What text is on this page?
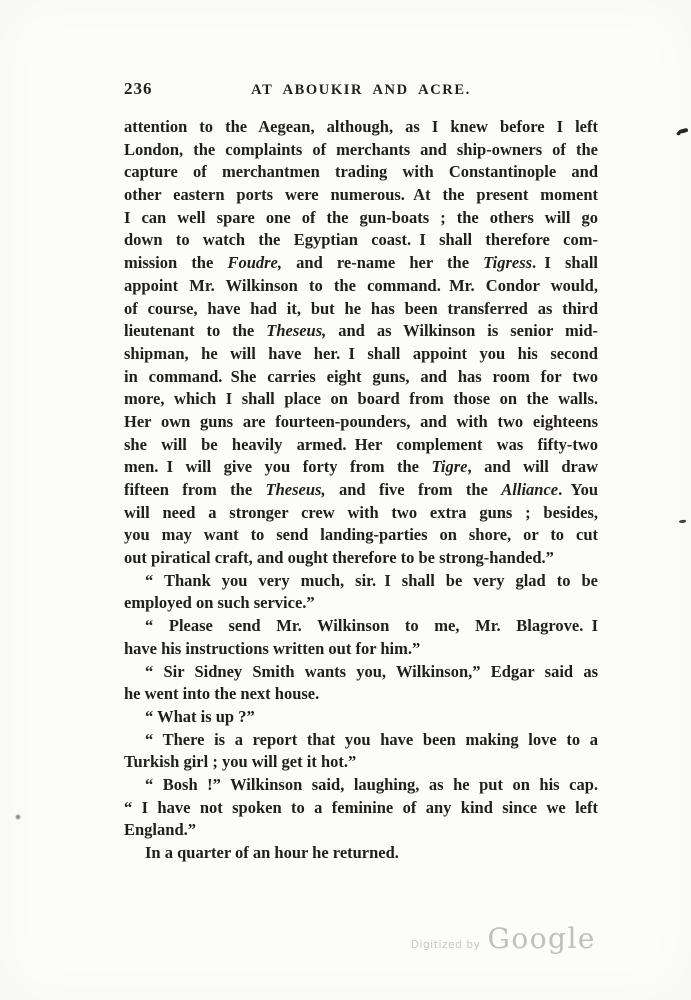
236	AT ABOUKIR AND ACRE.
attention to the Aegean, although, as I knew before I left
London, the complaints of merchants and ship-owners of the
capture of merchantmen trading with Constantinople and
other eastern ports were numerous. At the present moment
I can well spare one of the gun-boats ; the others will go
down to watch the Egyptian coast. I shall therefore com-
mission the Foudre, and re-name her the Tigress. I shall
appoint Mr. Wilkinson to the command. Mr. Condor would,
of course, have had it, but he has been transferred as third
lieutenant to the Theseus, and as Wilkinson is senior mid-
shipman, he will have her. I shall appoint you his second
in command. She carries eight guns, and has room for two
more, which I shall place on board from those on the walls.
Her own guns are fourteen-pounders, and with two eighteens
she will be heavily armed. Her complement was fifty-two
men. I will give you forty from the Tigre, and will draw
fifteen from the Theseus, and five from the Alliance. You
will need a stronger crew with two extra guns ; besides,
you may want to send landing-parties on shore, or to cut
out piratical craft, and ought therefore to be strong-handed.”
“ Thank you very much, sir. I shall be very glad to be
employed on such service.”
“ Please send Mr. Wilkinson to me, Mr. Blagrove. I
have his instructions written out for him.”
“ Sir Sidney Smith wants you, Wilkinson,” Edgar said as
he went into the next house.
“ What is up ?”
“ There is a report that you have been making love to a
Turkish girl ; you will get it hot.”
“ Bosh !” Wilkinson said, laughing, as he put on his cap.
“ I have not spoken to a feminine of any kind since we left
England.”
In a quarter of an hour he returned.
Digitized by Google
